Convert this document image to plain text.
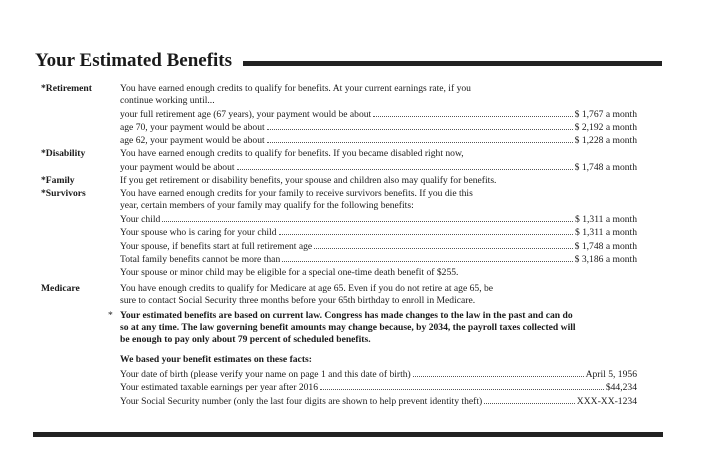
Your Estimated Benefits
*Retirement	You have earned enough credits to qualify for benefits. At your current earnings rate, if you
continue working until...
your full retirement age (67 years), your payment would be about	$ 1,767 a month
age 70, your payment would be about	$ 2,192 a month
age 62, your payment would be about	$ 1,228 a month
*Disability	You have earned enough credits to qualify for benefits. If you became disabled right now,
your payment would be about	$ 1,748 a month
*Family	If you get retirement or disability benefits, your spouse and children also may qualify for benefits.
*Survivors	You have earned enough credits for your family to receive survivors benefits. If you die this
year, certain members of your family may qualify for the following benefits:
Your child	$ 1,311 a month
Your spouse who is caring for your child	$ 1,311 a month
Your spouse, if benefits start at full retirement age	$ 1,748 a month
Total family benefits cannot be more than	$ 3,186 a month
Your spouse or minor child may be eligible for a special one-time death benefit of $255.
Medicare	You have enough credits to qualify for Medicare at age 65. Even if you do not retire at age 65, be
sure to contact Social Security three months before your 65th birthday to enroll in Medicare.
* Your estimated benefits are based on current law. Congress has made changes to the law in the past and can do so at any time. The law governing benefit amounts may change because, by 2034, the payroll taxes collected will be enough to pay only about 79 percent of scheduled benefits.
We based your benefit estimates on these facts:
Your date of birth (please verify your name on page 1 and this date of birth)	April 5, 1956
Your estimated taxable earnings per year after 2016	$44,234
Your Social Security number (only the last four digits are shown to help prevent identity theft)	XXX-XX-1234
